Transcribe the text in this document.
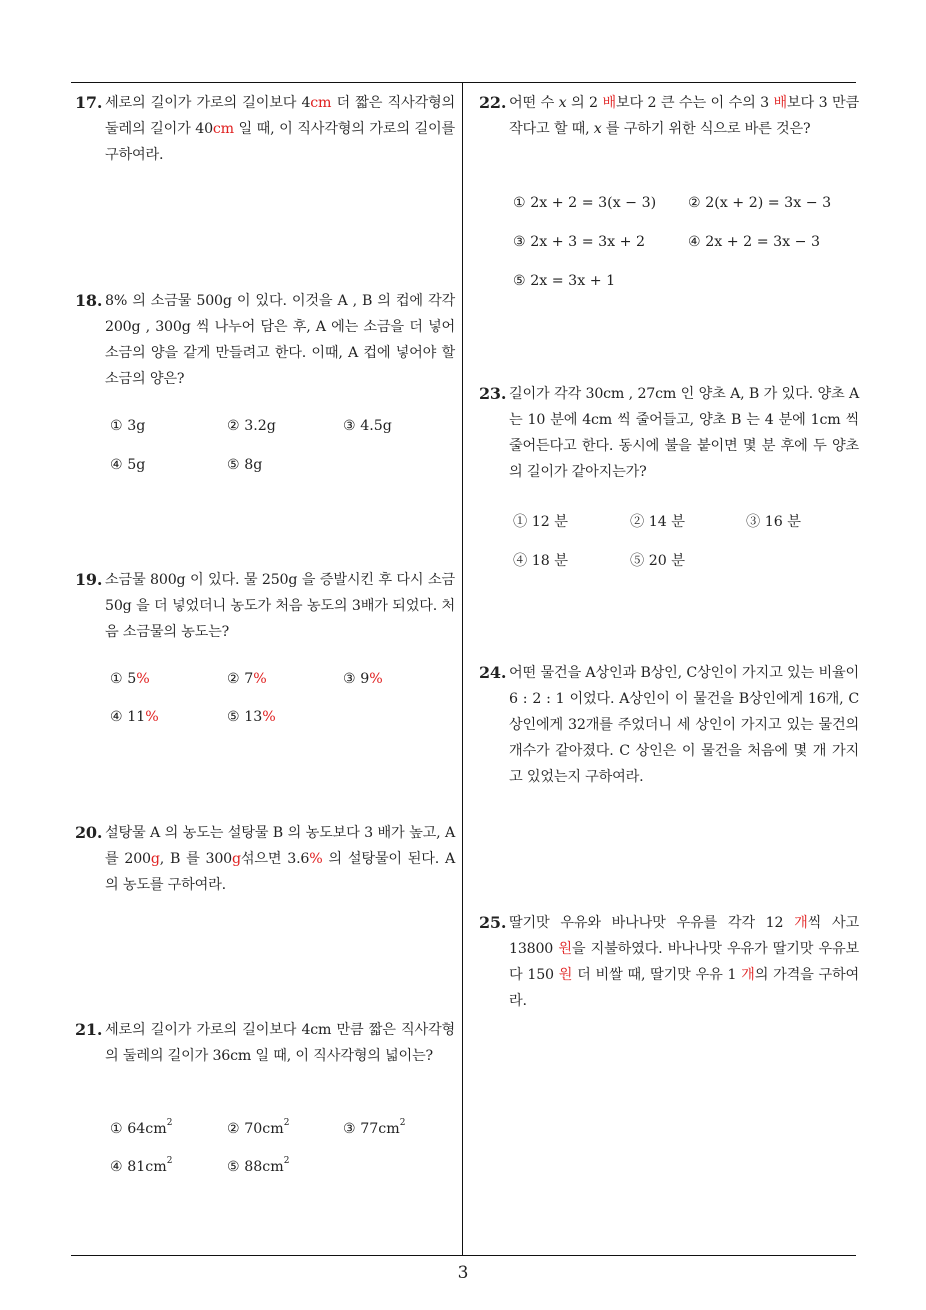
17. 세로의 길이가 가로의 길이보다 4cm 더 짧은 직사각형의 둘레의 길이가 40cm 일 때, 이 직사각형의 가로의 길이를 구하여라.
18. 8% 의 소금물 500g 이 있다. 이것을 A , B 의 컵에 각각 200g , 300g 씩 나누어 담은 후, A 에는 소금을 더 넣어 소금의 양을 같게 만들려고 한다. 이때, A 컵에 넣어야 할 소금의 양은?
① 3g	② 3.2g	③ 4.5g
④ 5g	⑤ 8g
19. 소금물 800g 이 있다. 물 250g 을 증발시킨 후 다시 소금 50g 을 더 넣었더니 농도가 처음 농도의 3배가 되었다. 처음 소금물의 농도는?
① 5%	② 7%	③ 9%
④ 11%	⑤ 13%
20. 설탕물 A 의 농도는 설탕물 B 의 농도보다 3 배가 높고, A 를 200g, B 를 300g섞으면 3.6% 의 설탕물이 된다. A 의 농도를 구하여라.
21. 세로의 길이가 가로의 길이보다 4cm 만큼 짧은 직사각형의 둘레의 길이가 36cm 일 때, 이 직사각형의 넓이는?
① $64cm^2$	② $70cm^2$	③ $77cm^2$
④ $81cm^2$	⑤ $88cm^2$
22. 어떤 수 x 의 2 배보다 2 큰 수는 이 수의 3 배보다 3 만큼 작다고 할 때, x 를 구하기 위한 식으로 바른 것은?
① 2x + 2 = 3(x − 3) ② 2(x + 2) = 3x − 3
③ 2x + 3 = 3x + 2	④ 2x + 2 = 3x − 3
⑤ 2x = 3x + 1
23. 길이가 각각 30cm , 27cm 인 양초 A, B 가 있다. 양초 A 는 10 분에 4cm 씩 줄어들고, 양초 B 는 4 분에 1cm 씩 줄어든다고 한다. 동시에 불을 붙이면 몇 분 후에 두 양초의 길이가 같아지는가?
① 12 분	② 14 분	③ 16 분
④ 18 분	⑤ 20 분
24. 어떤 물건을 A상인과 B상인, C상인이 가지고 있는 비율이 6 : 2 : 1 이었다. A상인이 이 물건을 B상인에게 16개, C상인에게 32개를 주었더니 세 상인이 가지고 있는 물건의 개수가 같아졌다. C 상인은 이 물건을 처음에 몇 개 가지고 있었는지 구하여라.
25. 딸기맛 우유와 바나나맛 우유를 각각 12 개씩 사고 13800 원을 지불하였다. 바나나맛 우유가 딸기맛 우유보다 150 원 더 비쌀 때, 딸기맛 우유 1 개의 가격을 구하여라.
3
